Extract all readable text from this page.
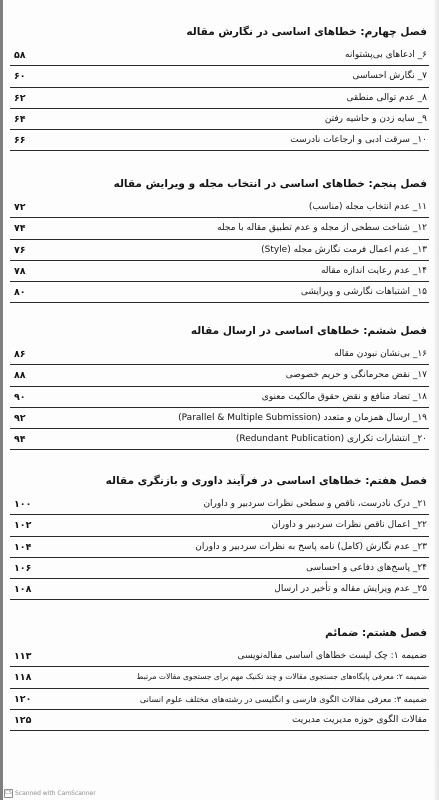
فصل چهارم: خطاهای اساسی در نگارش مقاله
۶_ ادعاهای بی‌پشتوانه
۵۸
۷_ نگارش احساسی
۶۰
۸_ عدم توالی منطقی
۶۲
۹_ سایه زدن و حاشیه رفتن
۶۴
۱۰_ سرقت ادبی و ارجاعات نادرست
۶۶
فصل پنجم: خطاهای اساسی در انتخاب مجله و ویرایش مقاله
۱۱_ عدم انتخاب مجله (مناسب)
۷۲
۱۲_ شناخت سطحی از مجله و عدم تطبیق مقاله با مجله
۷۴
۱۳_ عدم اعمال فرمت نگارش مجله (Style)
۷۶
۱۴_ عدم رعایت اندازه مقاله
۷۸
۱۵_ اشتباهات نگارشی و ویرایشی
۸۰
فصل ششم: خطاهای اساسی در ارسال مقاله
۱۶_ بی‌نشان نبودن مقاله
۸۶
۱۷_ نقض محرمانگی و حریم خصوصی
۸۸
۱۸_ تضاد منافع و نقض حقوق مالکیت معنوی
۹۰
۱۹_ ارسال همزمان و متعدد (Parallel & Multiple Submission)
۹۲
۲۰_ انتشارات تکراری (Redundant Publication)
۹۴
فصل هفتم: خطاهای اساسی در فرآیند داوری و بازنگری مقاله
۲۱_ درک نادرست، ناقص و سطحی نظرات سردبیر و داوران
۱۰۰
۲۲_ اعمال ناقص نظرات سردبیر و داوران
۱۰۲
۲۳_ عدم نگارش (کامل) نامه پاسخ به نظرات سردبیر و داوران
۱۰۴
۲۴_ پاسخ‌های دفاعی و احساسی
۱۰۶
۲۵_ عدم ویرایش مقاله و تأخیر در ارسال
۱۰۸
فصل هشتم: ضمائم
ضمیمه ۱: چک لیست خطاهای اساسی مقاله‌نویسی
۱۱۳
ضمیمه ۲: معرفی پایگاه‌های جستجوی مقالات و چند تکنیک مهم برای جستجوی مقالات مرتبط
۱۱۸
ضمیمه ۳: معرفی مقالات الگوی فارسی و انگلیسی در رشته‌های مختلف علوم انسانی
۱۲۰
مقالات الگوی حوزه مدیریت مدیریت
۱۲۵
CS Scanned with CamScanner
